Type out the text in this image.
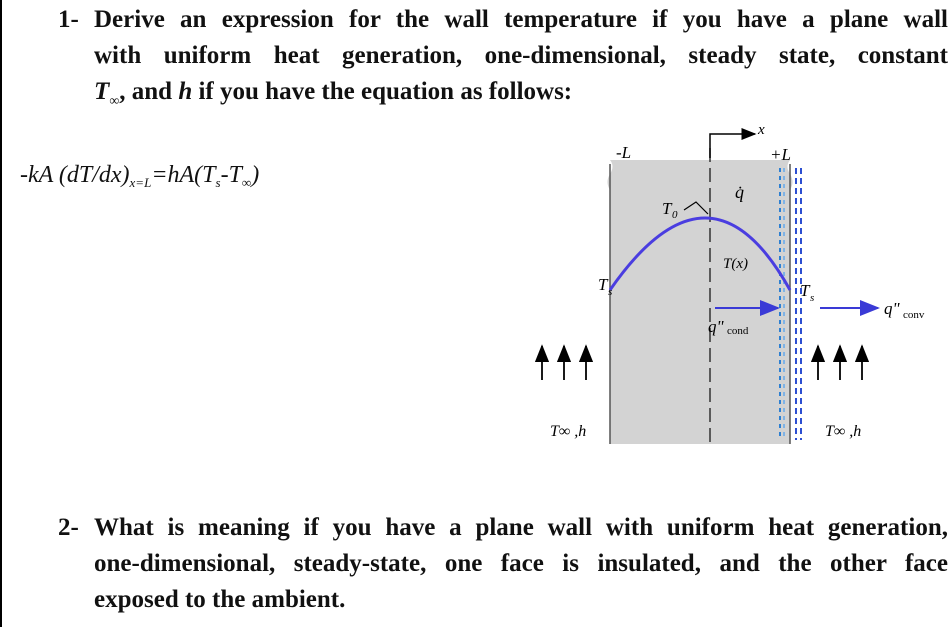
1- Derive an expression for the wall temperature if you have a plane wall
with uniform heat generation, one-dimensional, steady state, constant
$T_\infty$, and h if you have the equation as follows:
-kA $(dT/dx)_{x=L}=hA(T_s-T_\infty)$
x
-L	+L
q̇
T 0
T(x)
T s	T s
q" cond
q" conv
T∞ ,h	T∞ ,h
2- What is meaning if you have a plane wall with uniform heat generation,
one-dimensional, steady-state, one face is insulated, and the other face
exposed to the ambient.
